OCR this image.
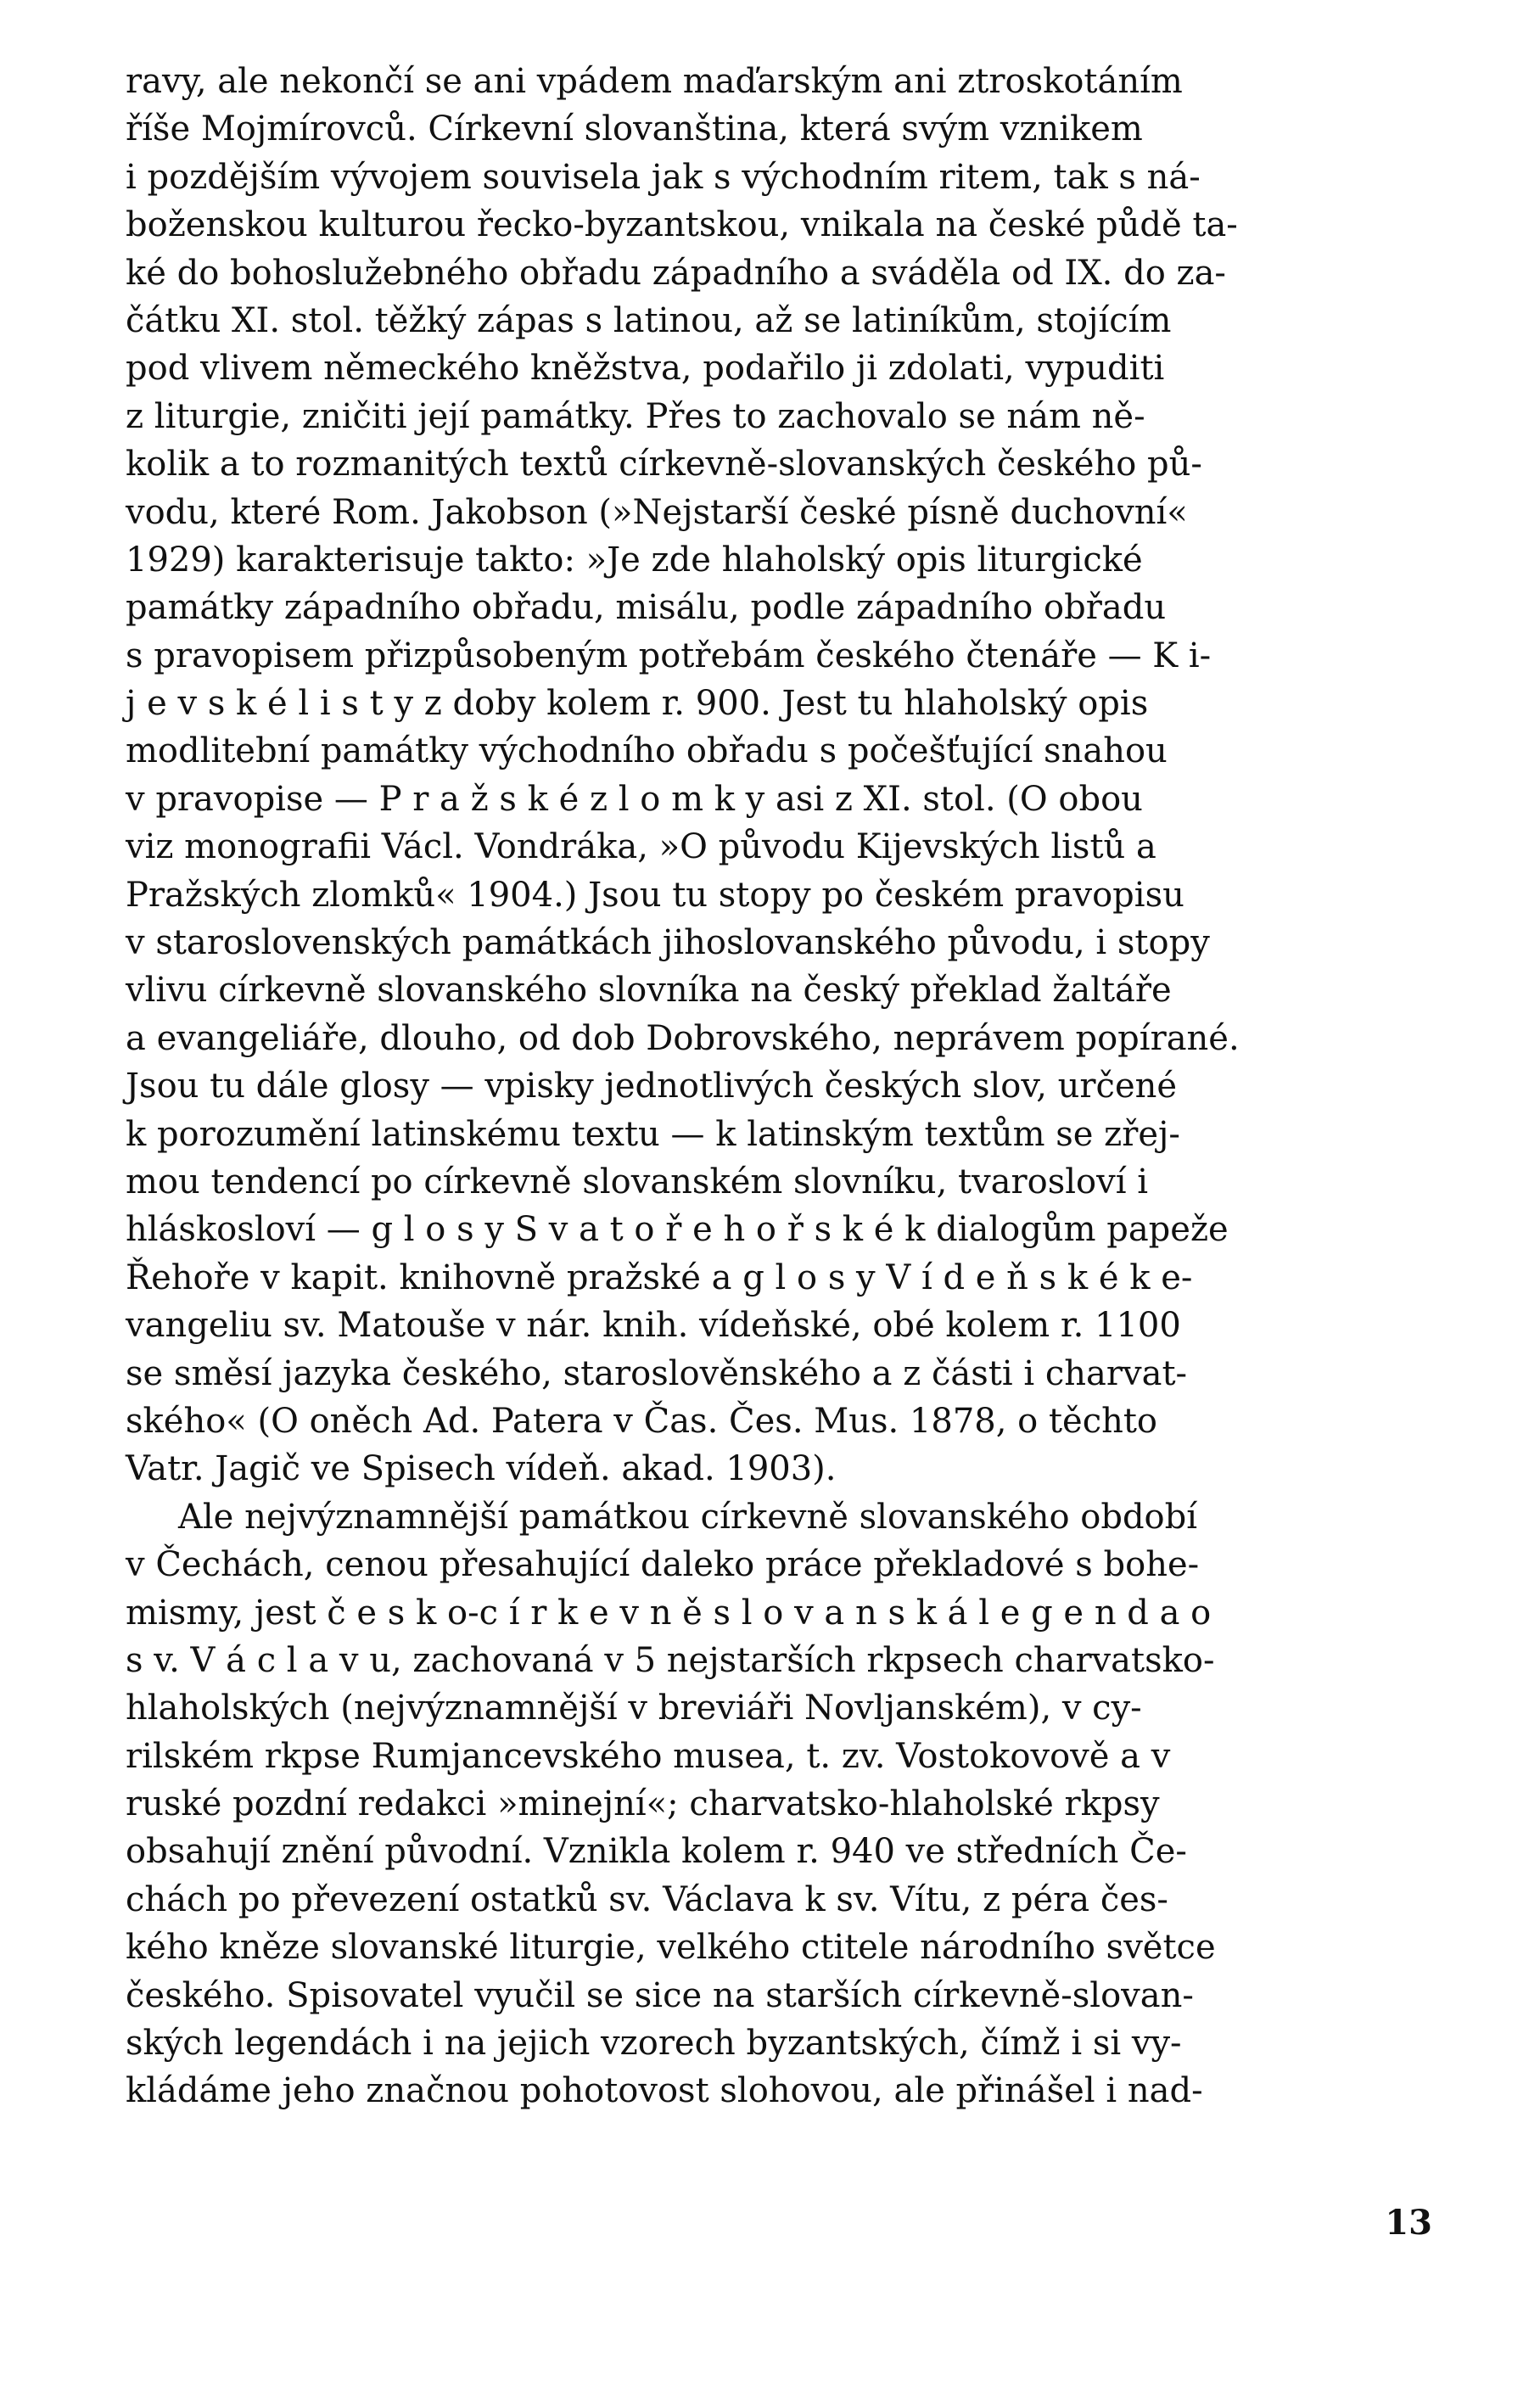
ravy, ale nekončí se ani vpádem maďarským ani ztroskotáním
říše Mojmírovců. Církevní slovanština, která svým vznikem
i pozdějším vývojem souvisela jak s východním ritem, tak s ná-
boženskou kulturou řecko-byzantskou, vnikala na české půdě ta-
ké do bohoslužebného obřadu západního a sváděla od IX. do za-
čátku XI. stol. těžký zápas s latinou, až se latiníkům, stojícím
pod vlivem německého kněžstva, podařilo ji zdolati, vypuditi
z liturgie, zničiti její památky. Přes to zachovalo se nám ně-
kolik a to rozmanitých textů církevně-slovanských českého pů-
vodu, které Rom. Jakobson (»Nejstarší české písně duchovní«
1929) karakterisuje takto: »Je zde hlaholský opis liturgické
památky západního obřadu, misálu, podle západního obřadu
s pravopisem přizpůsobeným potřebám českého čtenáře — K i-
j e v s k é l i s t y z doby kolem r. 900. Jest tu hlaholský opis
modlitební památky východního obřadu s počešťující snahou
v pravopise — P r a ž s k é z l o m k y asi z XI. stol. (O obou
viz monografii Václ. Vondráka, »O původu Kijevských listů a
Pražských zlomků« 1904.) Jsou tu stopy po českém pravopisu
v staroslovenských památkách jihoslovanského původu, i stopy
vlivu církevně slovanského slovníka na český překlad žaltáře
a evangeliáře, dlouho, od dob Dobrovského, neprávem popírané.
Jsou tu dále glosy — vpisky jednotlivých českých slov, určené
k porozumění latinskému textu — k latinským textům se zřej-
mou tendencí po církevně slovanském slovníku, tvarosloví i
hláskosloví — g l o s y S v a t o ř e h o ř s k é k dialogům papeže
Řehoře v kapit. knihovně pražské a g l o s y V í d e ň s k é k e-
vangeliu sv. Matouše v nár. knih. vídeňské, obé kolem r. 1100
se směsí jazyka českého, staroslověnského a z části i charvat-
ského« (O oněch Ad. Patera v Čas. Čes. Mus. 1878, o těchto
Vatr. Jagič ve Spisech vídeň. akad. 1903).
Ale nejvýznamnější památkou církevně slovanského období
v Čechách, cenou přesahující daleko práce překladové s bohe-
mismy, jest č e s k o-c í r k e v n ě s l o v a n s k á l e g e n d a o
s v. V á c l a v u, zachovaná v 5 nejstarších rkpsech charvatsko-
hlaholských (nejvýznamnější v breviáři Novljanském), v cy-
rilském rkpse Rumjancevského musea, t. zv. Vostokovově a v
ruské pozdní redakci »minejní«; charvatsko-hlaholské rkpsy
obsahují znění původní. Vznikla kolem r. 940 ve středních Če-
chách po převezení ostatků sv. Václava k sv. Vítu, z péra čes-
kého kněze slovanské liturgie, velkého ctitele národního světce
českého. Spisovatel vyučil se sice na starších církevně-slovan-
ských legendách i na jejich vzorech byzantských, čímž i si vy-
kládáme jeho značnou pohotovost slohovou, ale přinášel i nad-
13
